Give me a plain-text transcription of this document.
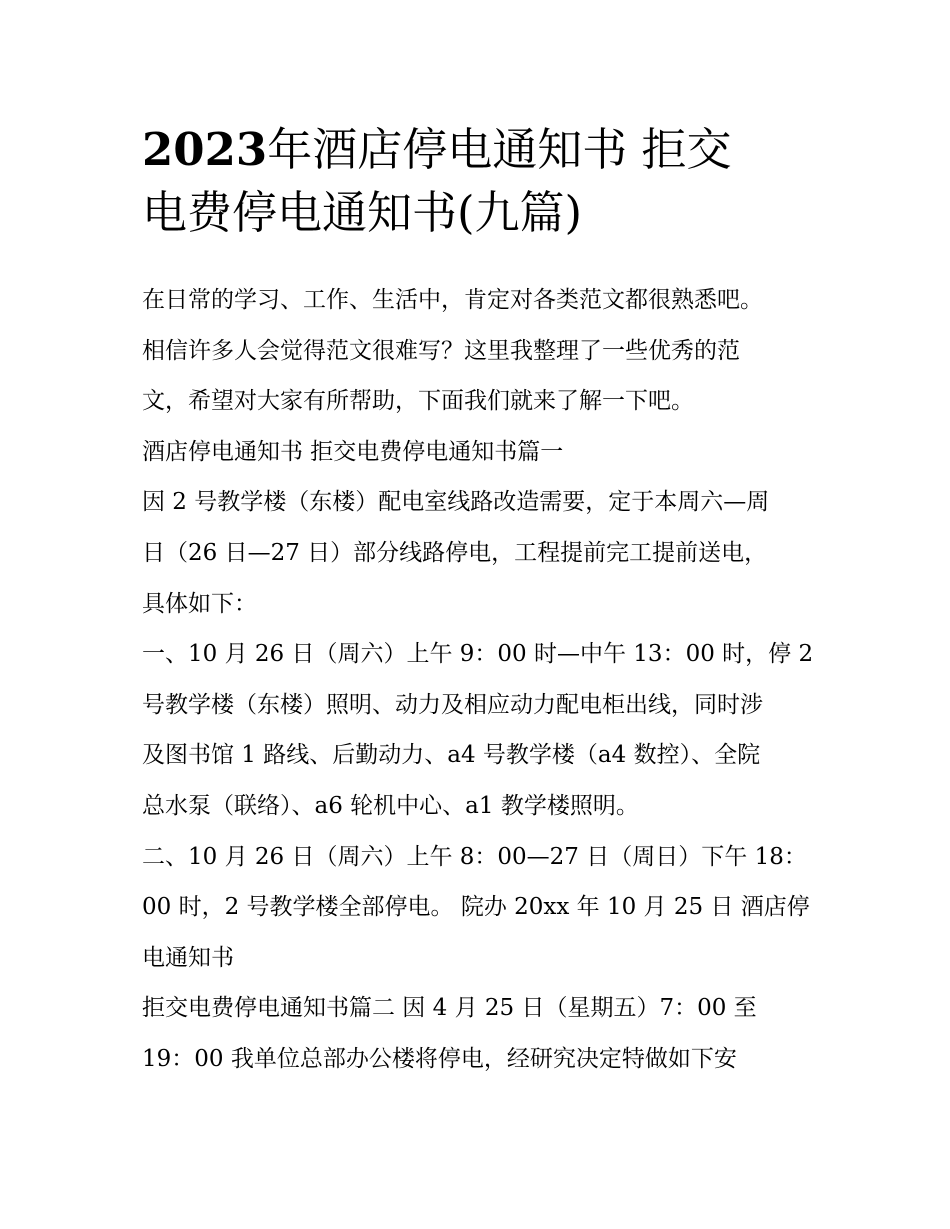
2023年酒店停电通知书 拒交
电费停电通知书(九篇)
在日常的学习、工作、生活中，肯定对各类范文都很熟悉吧。
相信许多人会觉得范文很难写？这里我整理了一些优秀的范
文，希望对大家有所帮助，下面我们就来了解一下吧。
酒店停电通知书 拒交电费停电通知书篇一
因 2 号教学楼（东楼）配电室线路改造需要，定于本周六—周
日（26 日—27 日）部分线路停电，工程提前完工提前送电，
具体如下：
一、10 月 26 日（周六）上午 9：00 时—中午 13：00 时，停 2
号教学楼（东楼）照明、动力及相应动力配电柜出线，同时涉
及图书馆 1 路线、后勤动力、a4 号教学楼（a4 数控）、全院
总水泵（联络）、a6 轮机中心、a1 教学楼照明。
二、10 月 26 日（周六）上午 8：00—27 日（周日）下午 18：
00 时，2 号教学楼全部停电。 院办 20xx 年 10 月 25 日 酒店停
电通知书
拒交电费停电通知书篇二 因 4 月 25 日（星期五）7：00 至
19：00 我单位总部办公楼将停电，经研究决定特做如下安
